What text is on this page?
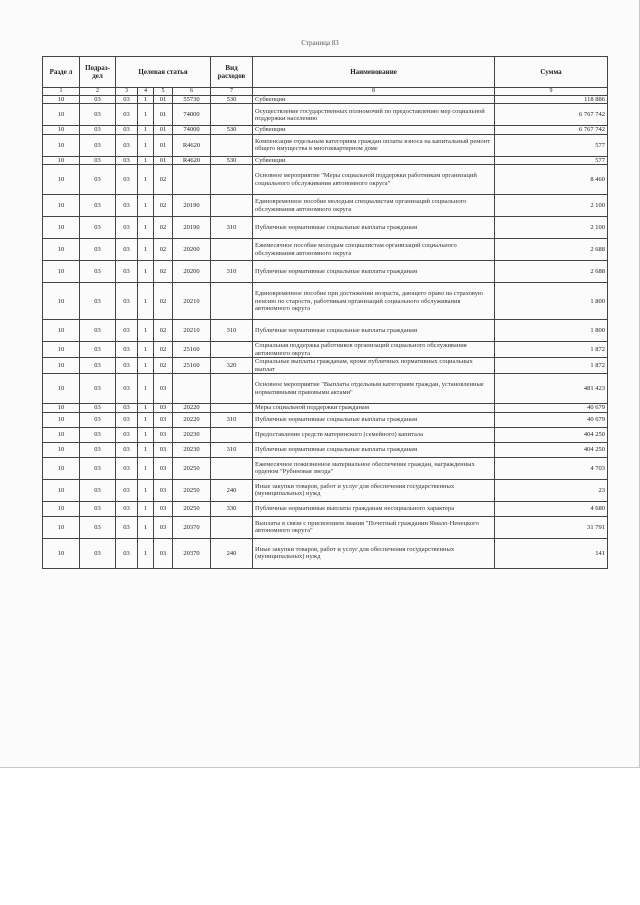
Страница 83
Разде л	Подраз- дел	Целевая статья				Вид расходов	Наименование	Сумма
1	2	3	4	5	6	7	8	9
10	03	03	1	01	55730	530	Субвенции	118 886
10	03	03	1	01	74000		Осуществление государственных полномочий по предоставлению мер социальной поддержки населению	6 767 742
10	03	03	1	01	74000	530	Субвенции	6 767 742
10	03	03	1	01	R4620		Компенсация отдельным категориям граждан оплаты взноса на капитальный ремонт общего имущества в многоквартирном доме	577
10	03	03	1	01	R4620	530	Субвенции	577
10	03	03	1	02			Основное мероприятие "Меры социальной поддержки работникам организаций социального обслуживания автономного округа"	8 460
10	03	03	1	02	20190		Единовременное пособие молодым специалистам организаций социального обслуживания автономного округа	2 100
10	03	03	1	02	20190	310	Публичные нормативные социальные выплаты гражданам	2 100
10	03	03	1	02	20200		Ежемесячное пособие молодым специалистам организаций социального обслуживания автономного округа	2 688
10	03	03	1	02	20200	310	Публичные нормативные социальные выплаты гражданам	2 688
10	03	03	1	02	20210		Единовременное пособие при достижении возраста, дающего право на страховую пенсию по старости, работникам организаций социального обслуживания автономного округа	1 800
10	03	03	1	02	20210	310	Публичные нормативные социальные выплаты гражданам	1 800
10	03	03	1	02	25160		Социальная поддержка работников организаций социального обслуживания автономного округа	1 872
10	03	03	1	02	25160	320	Социальные выплаты гражданам, кроме публичных нормативных социальных выплат	1 872
10	03	03	1	03			Основное мероприятие "Выплаты отдельным категориям граждан, установленные нормативными правовыми актами"	481 423
10	03	03	1	03	20220		Меры социальной поддержки гражданам	40 679
10	03	03	1	03	20220	310	Публичные нормативные социальные выплаты гражданам	40 679
10	03	03	1	03	20230		Предоставление средств материнского (семейного) капитала	404 250
10	03	03	1	03	20230	310	Публичные нормативные социальные выплаты гражданам	404 250
10	03	03	1	03	20250		Ежемесячное пожизненное материальное обеспечение граждан, награжденных орденом "Рубиновая звезда"	4 703
10	03	03	1	03	20250	240	Иные закупки товаров, работ и услуг для обеспечения государственных (муниципальных) нужд	23
10	03	03	1	03	20250	330	Публичные нормативные выплаты гражданам несоциального характера	4 680
10	03	03	1	03	20370		Выплаты в связи с присвоением звания "Почетный гражданин Ямало-Ненецкого автономного округа"	31 791
10	03	03	1	03	20370	240	Иные закупки товаров, работ и услуг для обеспечения государственных (муниципальных) нужд	141
